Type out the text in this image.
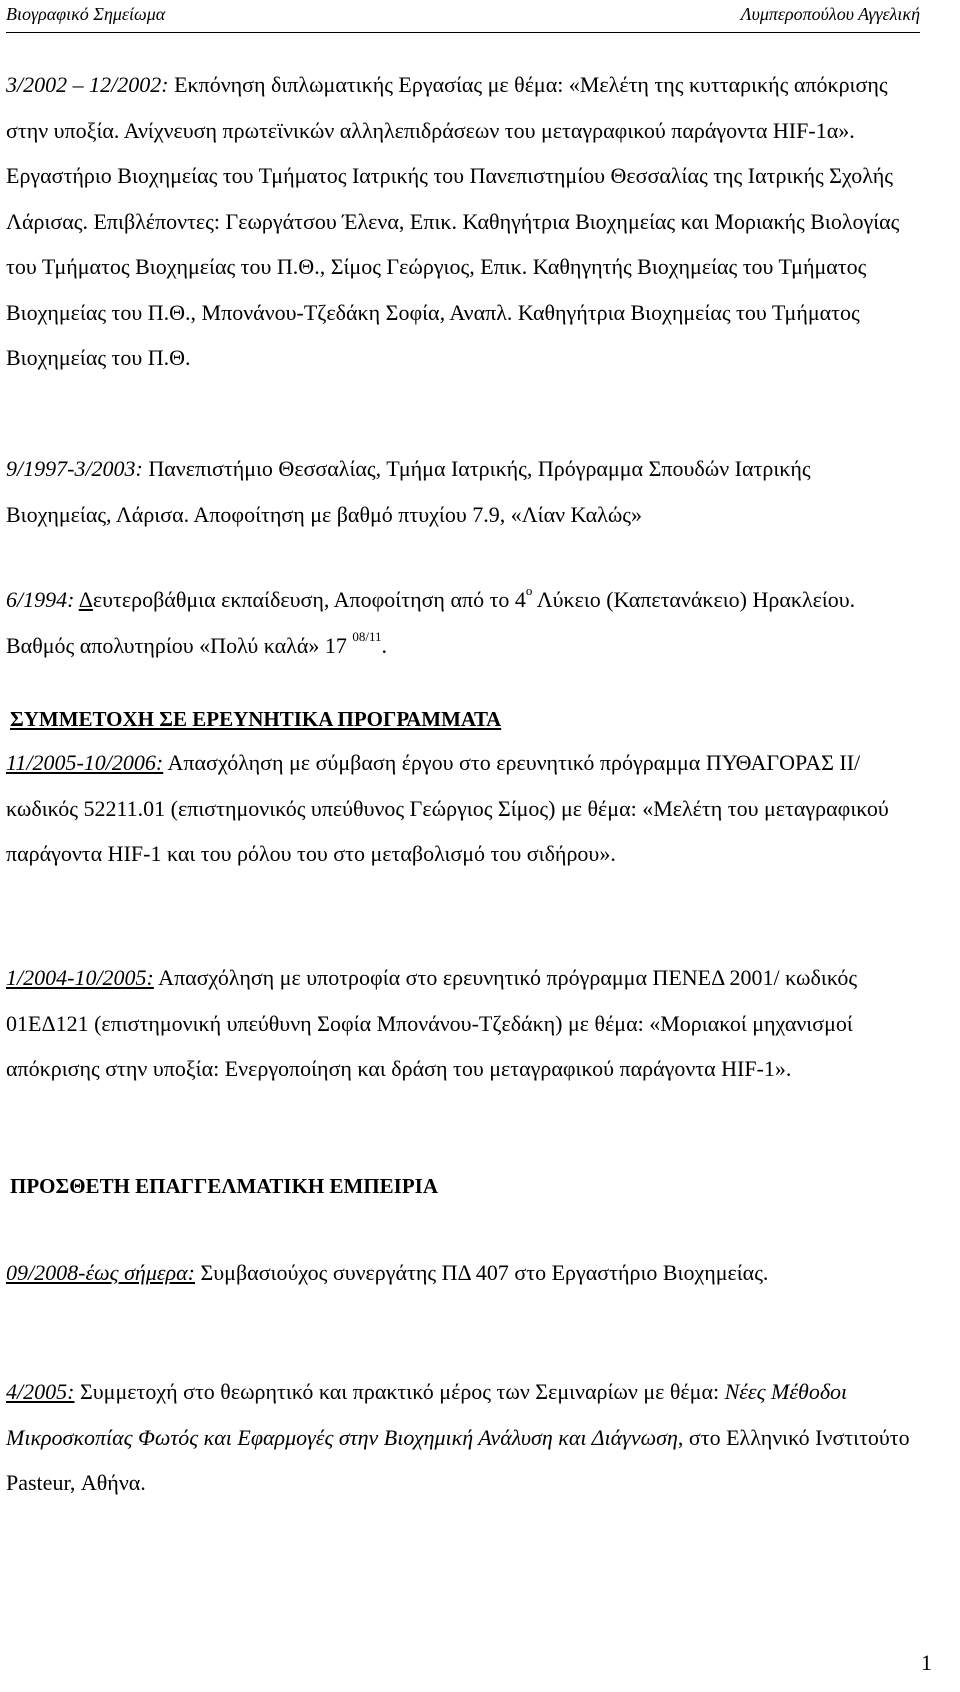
Βιογραφικό Σημείωμα	Λυμπεροπούλου Αγγελική
3/2002 – 12/2002: Εκπόνηση διπλωματικής Εργασίας με θέμα: «Μελέτη της κυτταρικής απόκρισης στην υποξία. Ανίχνευση πρωτεϊνικών αλληλεπιδράσεων του μεταγραφικού παράγοντα HIF-1α». Εργαστήριο Βιοχημείας του Τμήματος Ιατρικής του Πανεπιστημίου Θεσσαλίας της Ιατρικής Σχολής Λάρισας. Επιβλέποντες: Γεωργάτσου Έλενα, Επικ. Καθηγήτρια Βιοχημείας και Μοριακής Βιολογίας του Τμήματος Βιοχημείας του Π.Θ., Σίμος Γεώργιος, Επικ. Καθηγητής Βιοχημείας του Τμήματος Βιοχημείας του Π.Θ., Μπονάνου-Τζεδάκη Σοφία, Αναπλ. Καθηγήτρια Βιοχημείας του Τμήματος Βιοχημείας του Π.Θ.
9/1997-3/2003: Πανεπιστήμιο Θεσσαλίας, Τμήμα Ιατρικής, Πρόγραμμα Σπουδών Ιατρικής Βιοχημείας, Λάρισα. Αποφοίτηση με βαθμό πτυχίου 7.9, «Λίαν Καλώς»
6/1994: Δευτεροβάθμια εκπαίδευση, Αποφοίτηση από το $4^o$ Λύκειο (Καπετανάκειο) Ηρακλείου. Βαθμός απολυτηρίου «Πολύ καλά» 17 $^{08/11}$.
ΣΥΜΜΕΤΟΧΗ ΣΕ ΕΡΕΥΝΗΤΙΚΑ ΠΡΟΓΡΑΜΜΑΤΑ
11/2005-10/2006: Απασχόληση με σύμβαση έργου στο ερευνητικό πρόγραμμα ΠΥΘΑΓΟΡΑΣ ΙΙ/ κωδικός 52211.01 (επιστημονικός υπεύθυνος Γεώργιος Σίμος) με θέμα: «Μελέτη του μεταγραφικού παράγοντα HIF-1 και του ρόλου του στο μεταβολισμό του σιδήρου».
1/2004-10/2005: Απασχόληση με υποτροφία στο ερευνητικό πρόγραμμα ΠΕΝΕΔ 2001/ κωδικός 01ΕΔ121 (επιστημονική υπεύθυνη Σοφία Μπονάνου-Τζεδάκη) με θέμα: «Μοριακοί μηχανισμοί απόκρισης στην υποξία: Ενεργοποίηση και δράση του μεταγραφικού παράγοντα HIF-1».
ΠΡΟΣΘΕΤΗ ΕΠΑΓΓΕΛΜΑΤΙΚΗ ΕΜΠΕΙΡΙΑ
09/2008-έως σήμερα: Συμβασιούχος συνεργάτης ΠΔ 407 στο Εργαστήριο Βιοχημείας.
4/2005: Συμμετοχή στο θεωρητικό και πρακτικό μέρος των Σεμιναρίων με θέμα: Νέες Μέθοδοι Μικροσκοπίας Φωτός και Εφαρμογές στην Βιοχημική Ανάλυση και Διάγνωση, στο Ελληνικό Ινστιτούτο Pasteur, Αθήνα.
1
